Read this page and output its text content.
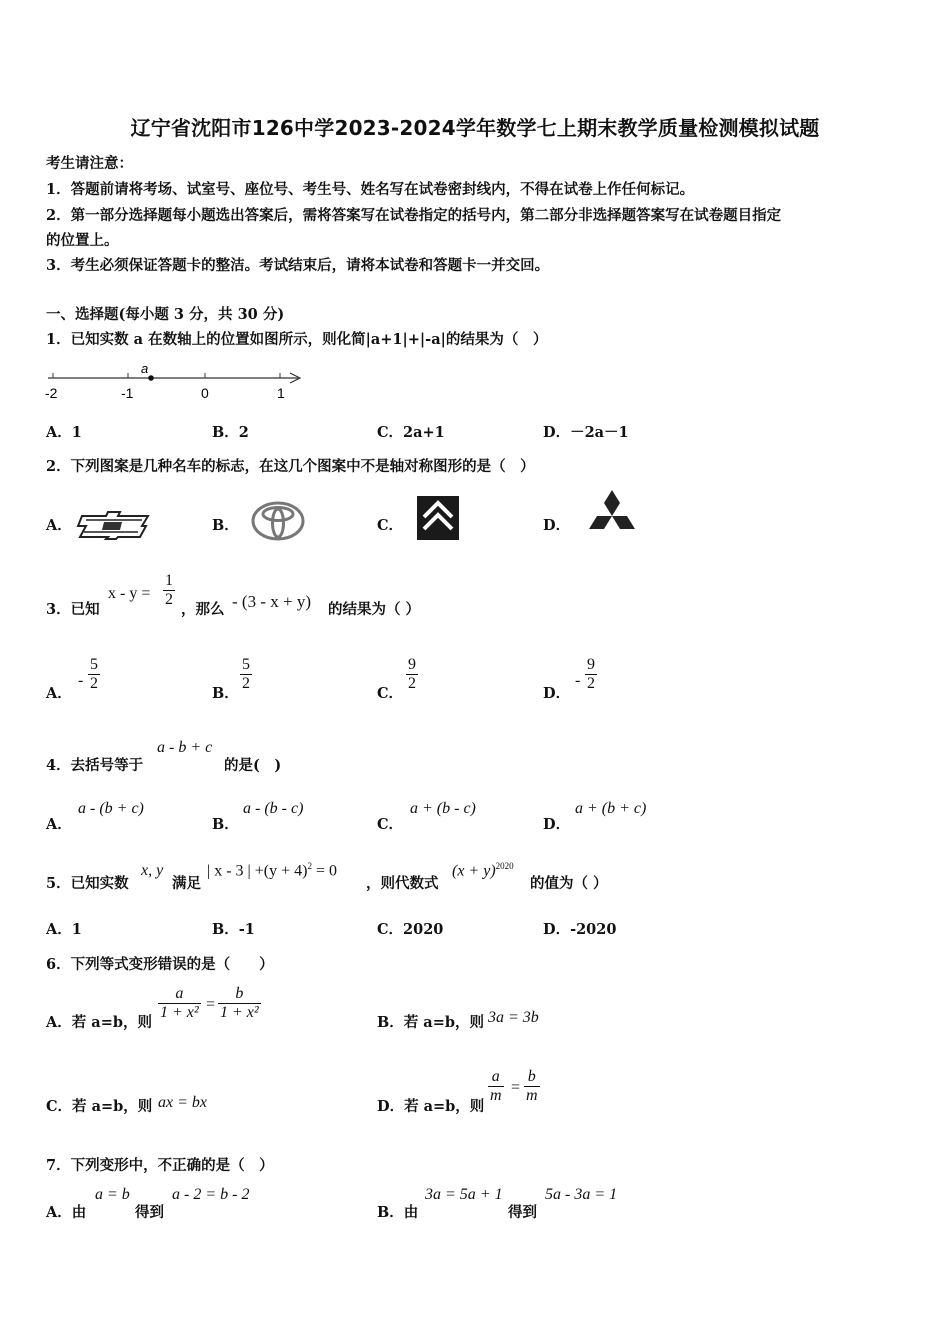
辽宁省沈阳市126中学2023-2024学年数学七上期末教学质量检测模拟试题
考生请注意：
1．答题前请将考场、试室号、座位号、考生号、姓名写在试卷密封线内，不得在试卷上作任何标记。
2．第一部分选择题每小题选出答案后，需将答案写在试卷指定的括号内，第二部分非选择题答案写在试卷题目指定
的位置上。
3．考生必须保证答题卡的整洁。考试结束后，请将本试卷和答题卡一并交回。
一、选择题(每小题 3 分，共 30 分)
1．已知实数 a 在数轴上的位置如图所示，则化简|a+1|+|-a|的结果为（　）
-2	-1	0	1
a
A．1	B．2	C．2a+1	D．－2a－1
2．下列图案是几种名车的标志，在这几个图案中不是轴对称图形的是（　）
A．	B．	C．	D．
3．已知
$x - y = \frac{1}{2}$ ，那么 - (3 - x + y) 的结果为（ ）
A．
- $\frac{5}{2}$	B． $\frac{5}{2}$	C． $\frac{9}{2}$	D．
- $\frac{9}{2}$
4．去括号等于
a - b + c
的是(　)
A．
a - (b + c)
B．
a - (b - c)
C．
a + (b - c)
D．
a + (b + c)
5．已知实数
x, y
满足
| x - 3 | $+(y + 4)^2 = 0$
，则代数式
$(x + y)^{2020}$
的值为（ ）
A．1	B．-1	C．2020	D．-2020
6．下列等式变形错误的是（　　）
A．若 a=b，则 $\frac{a}{\text{1 + x²}} = \frac{b}{\text{1 + x²}}$	B．若 a=b，则 3a = 3b
C．若 a=b，则 ax = bx	D．若 a=b，则
$\frac{a}{m} = \frac{b}{m}$
7．下列变形中，不正确的是（　）
A．由
a = b
得到
a - 2 = b - 2
B．由
3a = 5a + 1
得到
5a - 3a = 1
